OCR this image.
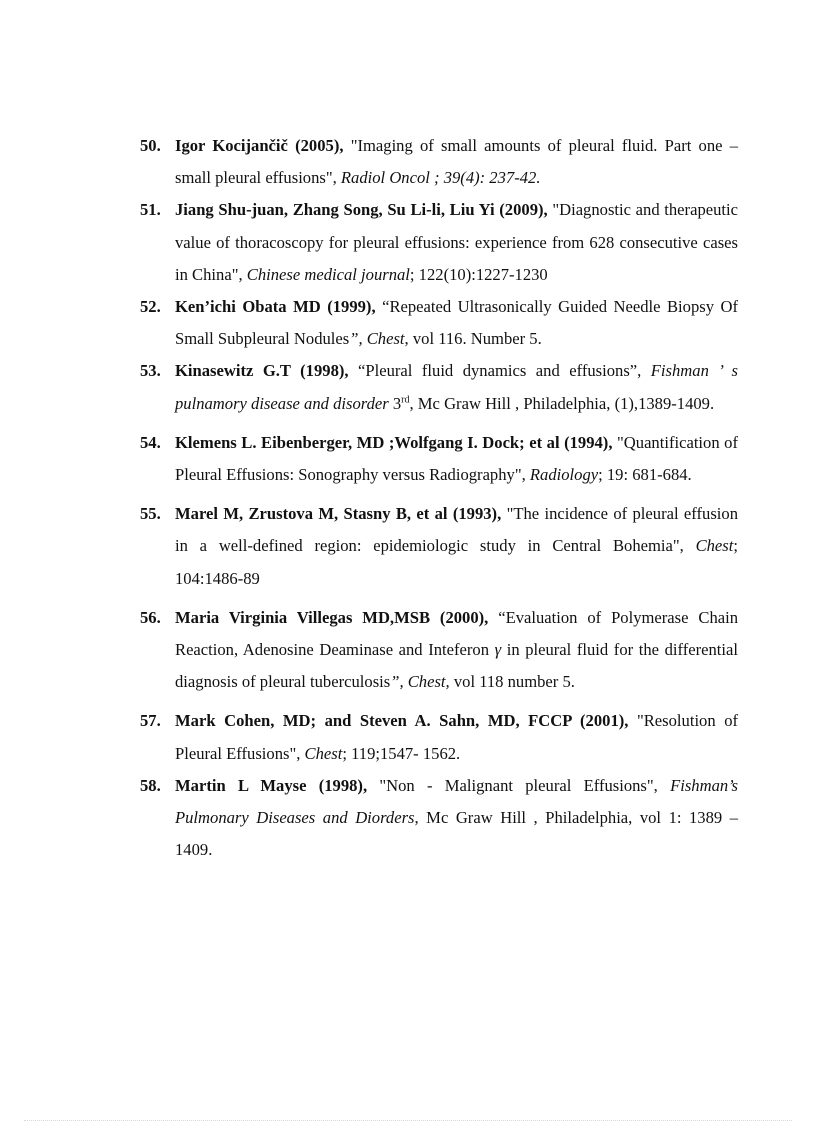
50. Igor Kocijančič (2005), "Imaging of small amounts of pleural fluid. Part one – small pleural effusions", Radiol Oncol ; 39(4): 237-42.
51. Jiang Shu-juan, Zhang Song, Su Li-li, Liu Yi (2009), "Diagnostic and therapeutic value of thoracoscopy for pleural effusions: experience from 628 consecutive cases in China", Chinese medical journal; 122(10):1227-1230
52. Ken’ichi Obata MD (1999), “Repeated Ultrasonically Guided Needle Biopsy Of Small Subpleural Nodules”, Chest, vol 116. Number 5.
53. Kinasewitz G.T (1998), “Pleural fluid dynamics and effusions”, Fishman ’ s pulnamory disease and disorder 3rd, Mc Graw Hill , Philadelphia, (1),1389-1409.
54. Klemens L. Eibenberger, MD ;Wolfgang I. Dock; et al (1994), "Quantification of Pleural Effusions: Sonography versus Radiography", Radiology; 19: 681-684.
55. Marel M, Zrustova M, Stasny B, et al (1993), "The incidence of pleural effusion in a well-defined region: epidemiologic study in Central Bohemia", Chest; 104:1486-89
56. Maria Virginia Villegas MD,MSB (2000), “Evaluation of Polymerase Chain Reaction, Adenosine Deaminase and Inteferon γ in pleural fluid for the differential diagnosis of pleural tuberculosis”, Chest, vol 118 number 5.
57. Mark Cohen, MD; and Steven A. Sahn, MD, FCCP (2001), "Resolution of Pleural Effusions", Chest; 119;1547- 1562.
58. Martin L Mayse (1998), "Non - Malignant pleural Effusions", Fishman’s Pulmonary Diseases and Diorders, Mc Graw Hill , Philadelphia, vol 1: 1389 – 1409.
